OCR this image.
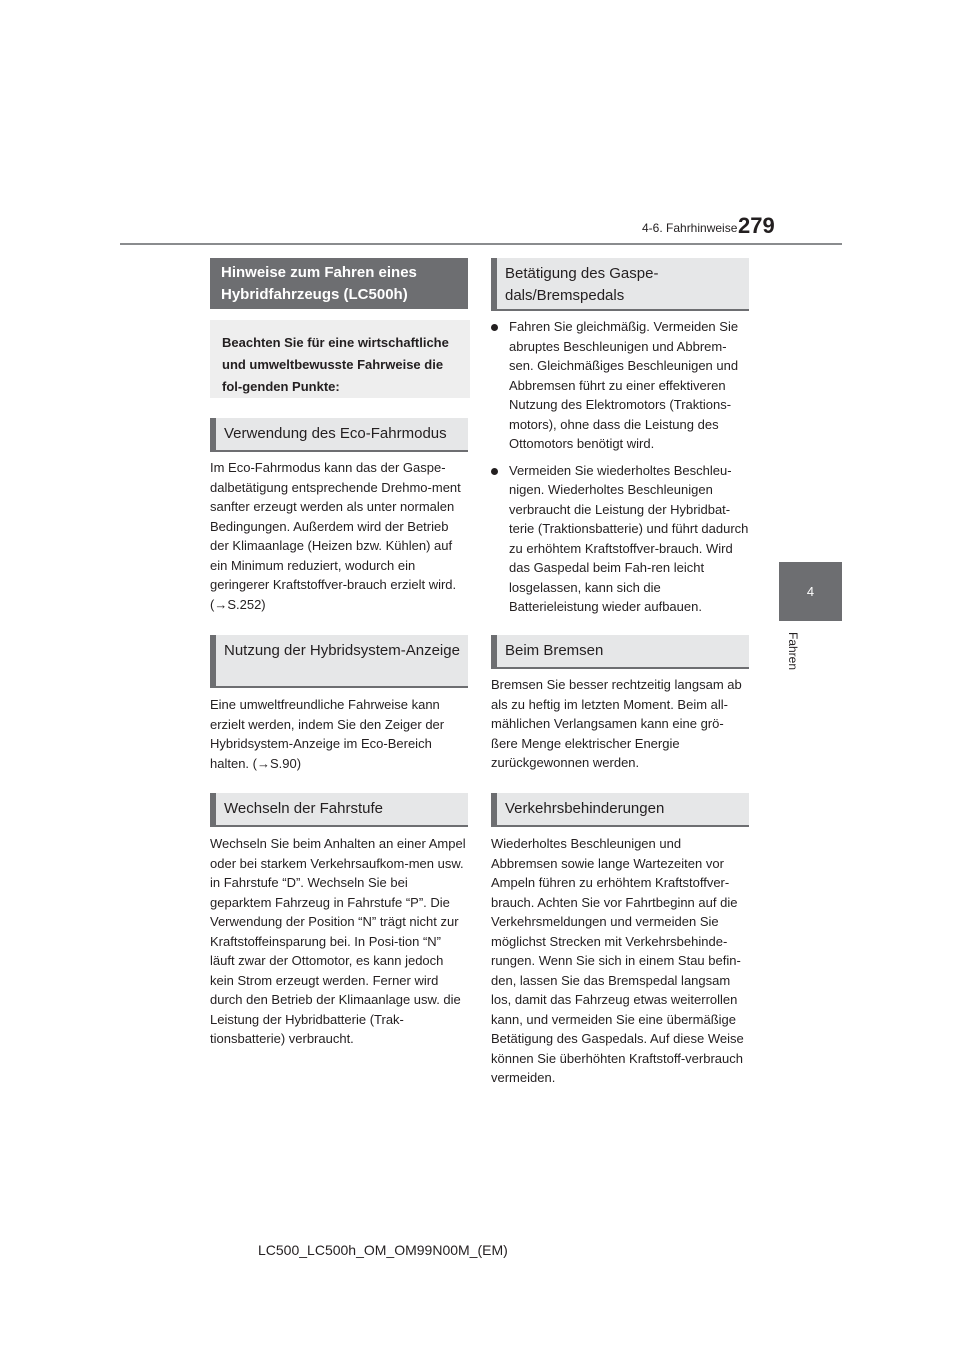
4-6. Fahrhinweise 279
4
Fahren
Hinweise zum Fahren eines Hybridfahrzeugs (LC500h)
Beachten Sie für eine wirtschaftliche und umweltbewusste Fahrweise die fol-genden Punkte:
Verwendung des Eco-Fahrmodus

Im Eco-Fahrmodus kann das der Gaspe-dalbetätigung entsprechende Drehmo-ment sanfter erzeugt werden als unter normalen Bedingungen. Außerdem wird der Betrieb der Klimaanlage (Heizen bzw. Kühlen) auf ein Minimum reduziert, wodurch ein geringerer Kraftstoffver-brauch erzielt wird. (→S.252)

Nutzung der Hybridsystem-Anzeige

Eine umweltfreundliche Fahrweise kann erzielt werden, indem Sie den Zeiger der Hybridsystem-Anzeige im Eco-Bereich halten. (→S.90)

Wechseln der Fahrstufe

Wechseln Sie beim Anhalten an einer Ampel oder bei starkem Verkehrsaufkom-men usw. in Fahrstufe “D”. Wechseln Sie bei geparktem Fahrzeug in Fahrstufe “P”. Die Verwendung der Position “N” trägt nicht zur Kraftstoffeinsparung bei. In Posi-tion “N” läuft zwar der Ottomotor, es kann jedoch kein Strom erzeugt werden. Ferner wird durch den Betrieb der Klimaanlage usw. die Leistung der Hybridbatterie (Trak-tionsbatterie) verbraucht.

Betätigung des Gaspe-dals/Bremspedals

Fahren Sie gleichmäßig. Vermeiden Sie abruptes Beschleunigen und Abbrem-sen. Gleichmäßiges Beschleunigen und Abbremsen führt zu einer effektiveren Nutzung des Elektromotors (Traktions-motors), ohne dass die Leistung des Ottomotors benötigt wird.

Vermeiden Sie wiederholtes Beschleu-nigen. Wiederholtes Beschleunigen verbraucht die Leistung der Hybridbat-terie (Traktionsbatterie) und führt dadurch zu erhöhtem Kraftstoffver-brauch. Wird das Gaspedal beim Fah-ren leicht losgelassen, kann sich die Batterieleistung wieder aufbauen.

Beim Bremsen

Bremsen Sie besser rechtzeitig langsam ab als zu heftig im letzten Moment. Beim all-mählichen Verlangsamen kann eine grö-ßere Menge elektrischer Energie zurückgewonnen werden.

Verkehrsbehinderungen

Wiederholtes Beschleunigen und Abbremsen sowie lange Wartezeiten vor Ampeln führen zu erhöhtem Kraftstoffver-brauch. Achten Sie vor Fahrtbeginn auf die Verkehrsmeldungen und vermeiden Sie möglichst Strecken mit Verkehrsbehinde-rungen. Wenn Sie sich in einem Stau befin-den, lassen Sie das Bremspedal langsam los, damit das Fahrzeug etwas weiterrollen kann, und vermeiden Sie eine übermäßige Betätigung des Gaspedals. Auf diese Weise können Sie überhöhten Kraftstoff-verbrauch vermeiden.

LC500_LC500h_OM_OM99N00M_(EM)
